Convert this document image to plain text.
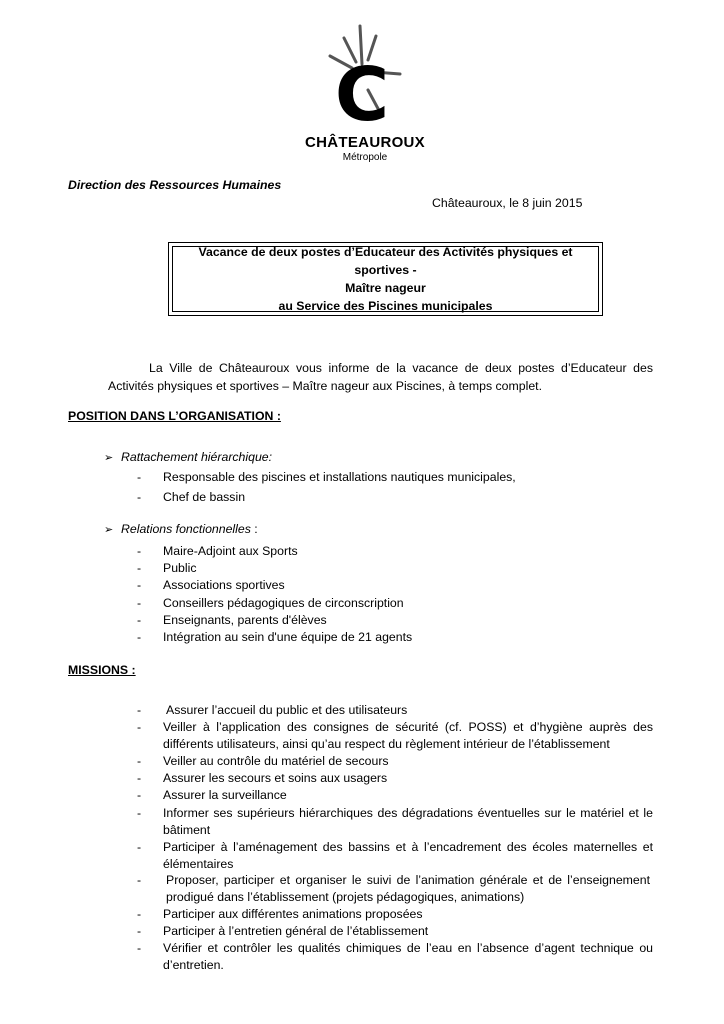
C
CHÂTEAUROUX
Métropole
Direction des Ressources Humaines
Châteauroux, le 8 juin 2015
Vacance de deux postes d’Educateur des Activités physiques et sportives -
Maître nageur
au Service des Piscines municipales
La Ville de Châteauroux vous informe de la vacance de deux postes d’Educateur des Activités physiques et sportives – Maître nageur aux Piscines, à temps complet.
POSITION DANS L’ORGANISATION :
➢ Rattachement hiérarchique:
- Responsable des piscines et installations nautiques municipales,
- Chef de bassin
➢ Relations fonctionnelles :
- Maire-Adjoint aux Sports
- Public
- Associations sportives
- Conseillers pédagogiques de circonscription
- Enseignants, parents d'élèves
- Intégration au sein d'une équipe de 21 agents
MISSIONS :
- Assurer l’accueil du public et des utilisateurs
- Veiller à l’application des consignes de sécurité (cf. POSS) et d’hygiène auprès des différents utilisateurs, ainsi qu’au respect du règlement intérieur de l’établissement
- Veiller au contrôle du matériel de secours
- Assurer les secours et soins aux usagers
- Assurer la surveillance
- Informer ses supérieurs hiérarchiques des dégradations éventuelles sur le matériel et le bâtiment
- Participer à l’aménagement des bassins et à l’encadrement des écoles maternelles et élémentaires
- Proposer, participer et organiser le suivi de l’animation générale et de l’enseignement prodigué dans l’établissement (projets pédagogiques, animations)
- Participer aux différentes animations proposées
- Participer à l’entretien général de l’établissement
- Vérifier et contrôler les qualités chimiques de l’eau en l’absence d’agent technique ou d’entretien.
